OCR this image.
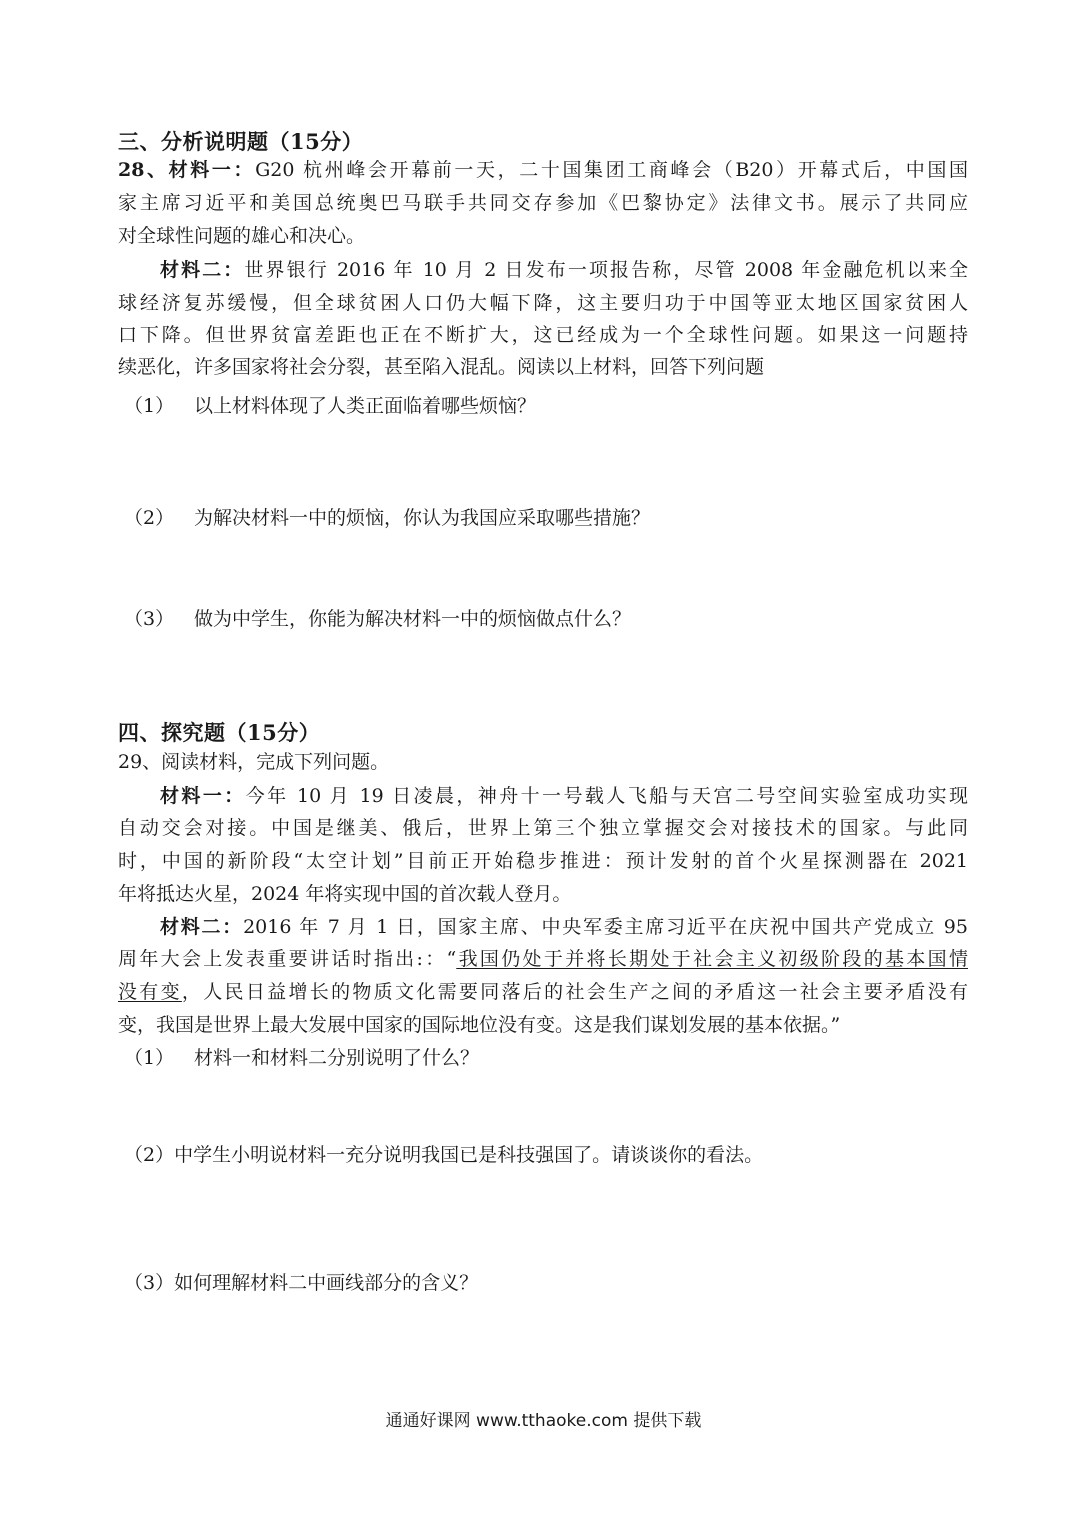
三、分析说明题（15分）
28、材料一：G20 杭州峰会开幕前一天，二十国集团工商峰会（B20）开幕式后，中国国
家主席习近平和美国总统奥巴马联手共同交存参加《巴黎协定》法律文书。展示了共同应
对全球性问题的雄心和决心。
材料二：世界银行 2016 年 10 月 2 日发布一项报告称，尽管 2008 年金融危机以来全
球经济复苏缓慢，但全球贫困人口仍大幅下降，这主要归功于中国等亚太地区国家贫困人
口下降。但世界贫富差距也正在不断扩大，这已经成为一个全球性问题。如果这一问题持
续恶化，许多国家将社会分裂，甚至陷入混乱。阅读以上材料，回答下列问题
（1） 以上材料体现了人类正面临着哪些烦恼？
（2） 为解决材料一中的烦恼，你认为我国应采取哪些措施？
（3） 做为中学生，你能为解决材料一中的烦恼做点什么？
四、探究题（15分）
29、阅读材料，完成下列问题。
材料一：今年 10 月 19 日凌晨，神舟十一号载人飞船与天宫二号空间实验室成功实现
自动交会对接。中国是继美、俄后，世界上第三个独立掌握交会对接技术的国家。与此同
时，中国的新阶段“太空计划”目前正开始稳步推进：预计发射的首个火星探测器在 2021
年将抵达火星，2024 年将实现中国的首次载人登月。
材料二：2016 年 7 月 1 日，国家主席、中央军委主席习近平在庆祝中国共产党成立 95
周年大会上发表重要讲话时指出:：“我国仍处于并将长期处于社会主义初级阶段的基本国情
没有变，人民日益增长的物质文化需要同落后的社会生产之间的矛盾这一社会主要矛盾没有
变，我国是世界上最大发展中国家的国际地位没有变。这是我们谋划发展的基本依据。”
（1） 材料一和材料二分别说明了什么？
（2）中学生小明说材料一充分说明我国已是科技强国了。请谈谈你的看法。
（3）如何理解材料二中画线部分的含义？
通通好课网 www.tthaoke.com 提供下载
